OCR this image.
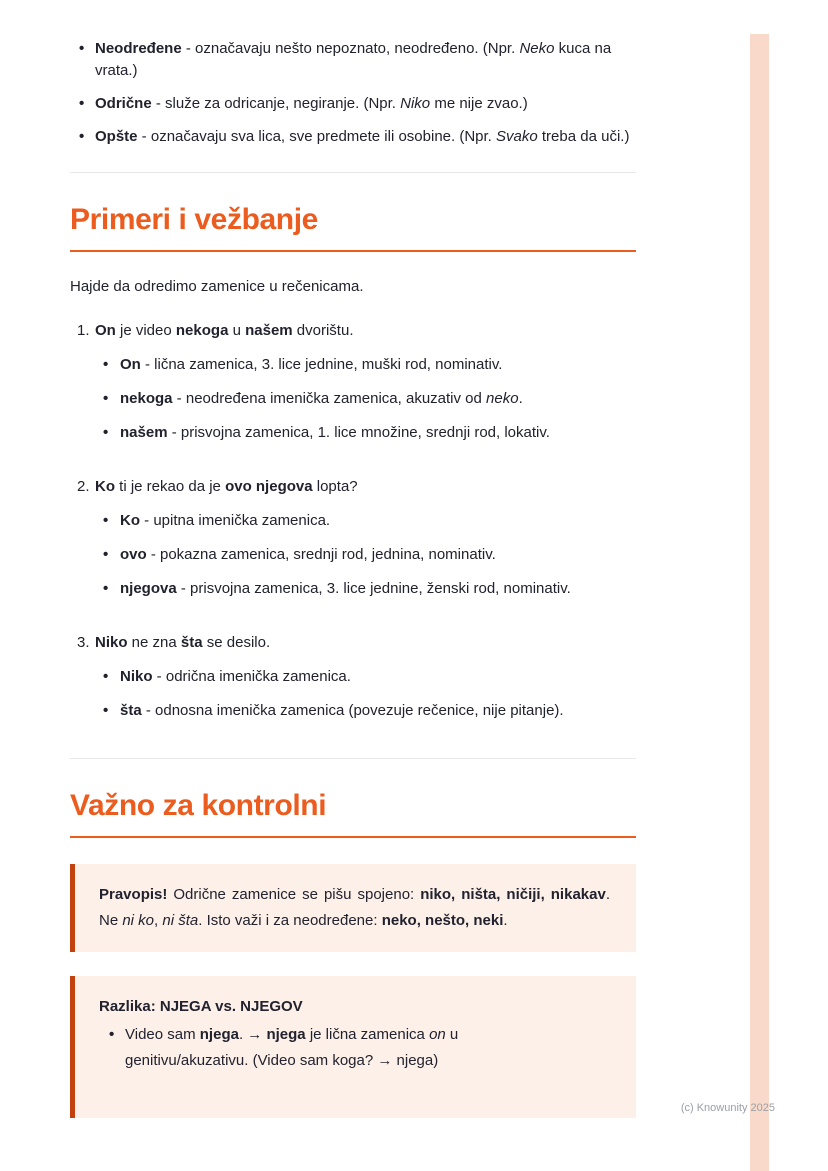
• Neodređene - označavaju nešto nepoznato, neodređeno. (Npr. Neko kuca na vrata.)
• Odrične - služe za odricanje, negiranje. (Npr. Niko me nije zvao.)
• Opšte - označavaju sva lica, sve predmete ili osobine. (Npr. Svako treba da uči.)
Primeri i vežbanje

Hajde da odredimo zamenice u rečenicama.

1. On je video nekoga u našem dvorištu.
• On - lična zamenica, 3. lice jednine, muški rod, nominativ.
• nekoga - neodređena imenička zamenica, akuzativ od neko.
• našem - prisvojna zamenica, 1. lice množine, srednji rod, lokativ.
2. Ko ti je rekao da je ovo njegova lopta?
• Ko - upitna imenička zamenica.
• ovo - pokazna zamenica, srednji rod, jednina, nominativ.
• njegova - prisvojna zamenica, 3. lice jednine, ženski rod, nominativ.
3. Niko ne zna šta se desilo.
• Niko - odrična imenička zamenica.
• šta - odnosna imenička zamenica (povezuje rečenice, nije pitanje).
Važno za kontrolni

Pravopis! Odrične zamenice se pišu spojeno: niko, ništa, ničiji, nikakav. Ne ni ko, ni šta. Isto važi i za neodređene: neko, nešto, neki.

Razlika: NJEGA vs. NJEGOV

• Video sam njega. → njega je lična zamenica on u
genitivu/akuzativu. (Video sam koga? → njega)
(c) Knowunity 2025
